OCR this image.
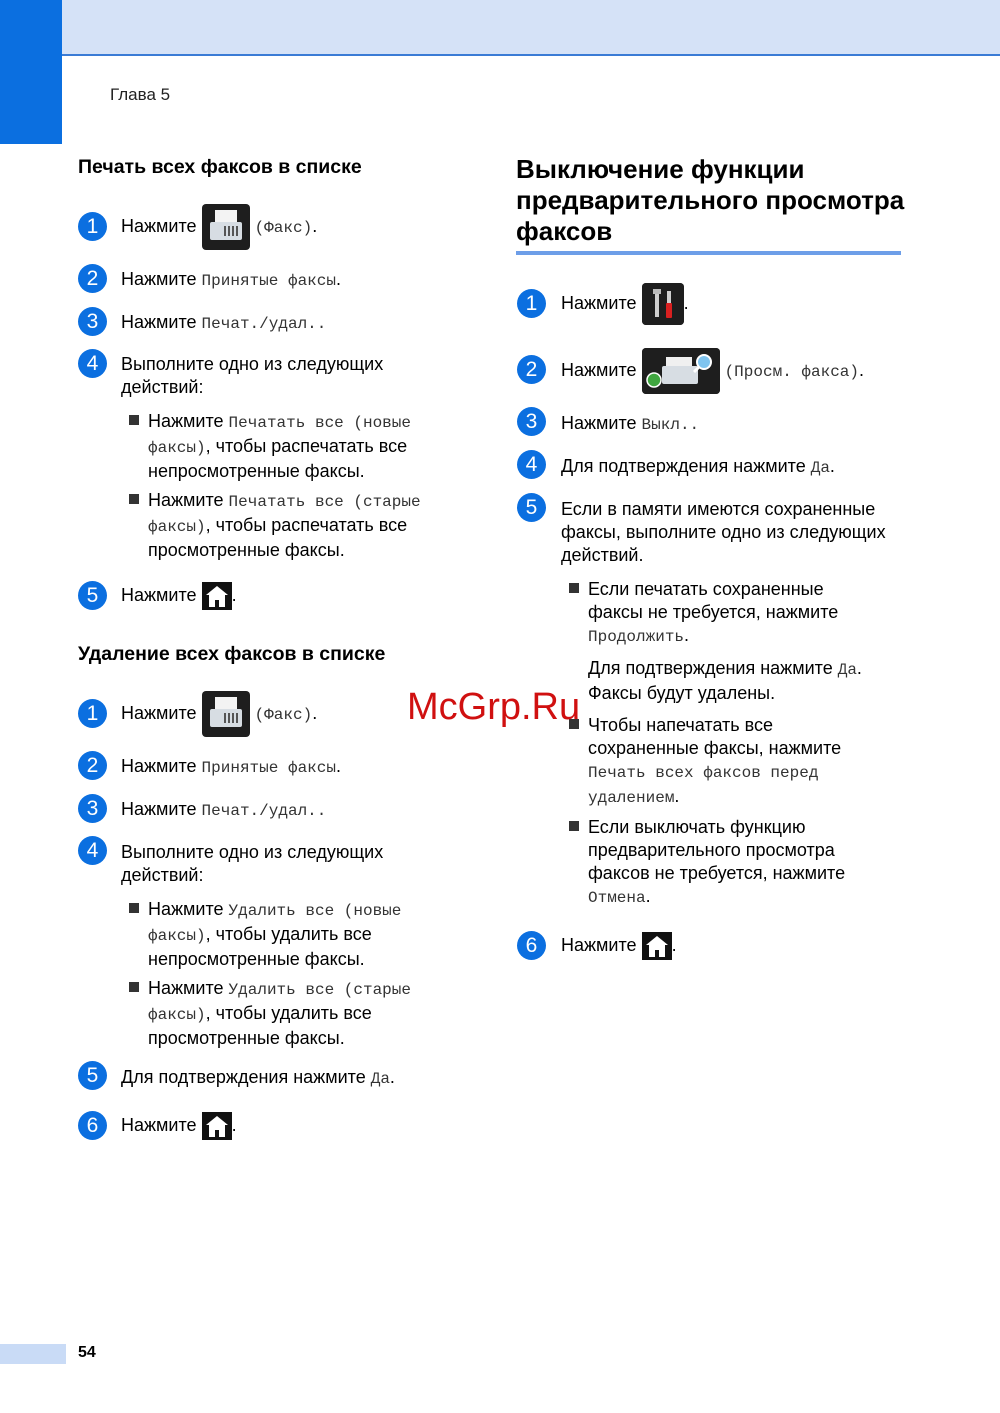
Глава 5
Печать всех факсов в списке
1	Нажмите	(Факс).
2	Нажмите Принятые факсы.
3	Нажмите Печат./удал..
4	Выполните одно из следующих действий:
Нажмите Печатать все (новые факсы), чтобы распечатать все непросмотренные факсы.
Нажмите Печатать все (старые факсы), чтобы распечатать все просмотренные факсы.
5	Нажмите .
Удаление всех факсов в списке
1	Нажмите	(Факс).
2	Нажмите Принятые факсы.
3	Нажмите Печат./удал..
4	Выполните одно из следующих действий:
Нажмите Удалить все (новые факсы), чтобы удалить все непросмотренные факсы.
Нажмите Удалить все (старые факсы), чтобы удалить все просмотренные факсы.
5	Для подтверждения нажмите Да.
6	Нажмите .
Выключение функции предварительного просмотра факсов
1	Нажмите	.
2	Нажмите	(Просм. факса).
3	Нажмите Выкл..
4	Для подтверждения нажмите Да.
5	Если в памяти имеются сохраненные факсы, выполните одно из следующих действий.
Если печатать сохраненные факсы не требуется, нажмите Продолжить.
Для подтверждения нажмите Да. Факсы будут удалены.
Чтобы напечатать все сохраненные факсы, нажмите Печать всех факсов перед удалением.
Если выключать функцию предварительного просмотра факсов не требуется, нажмите Отмена.
6	Нажмите .
McGrp.Ru
54
